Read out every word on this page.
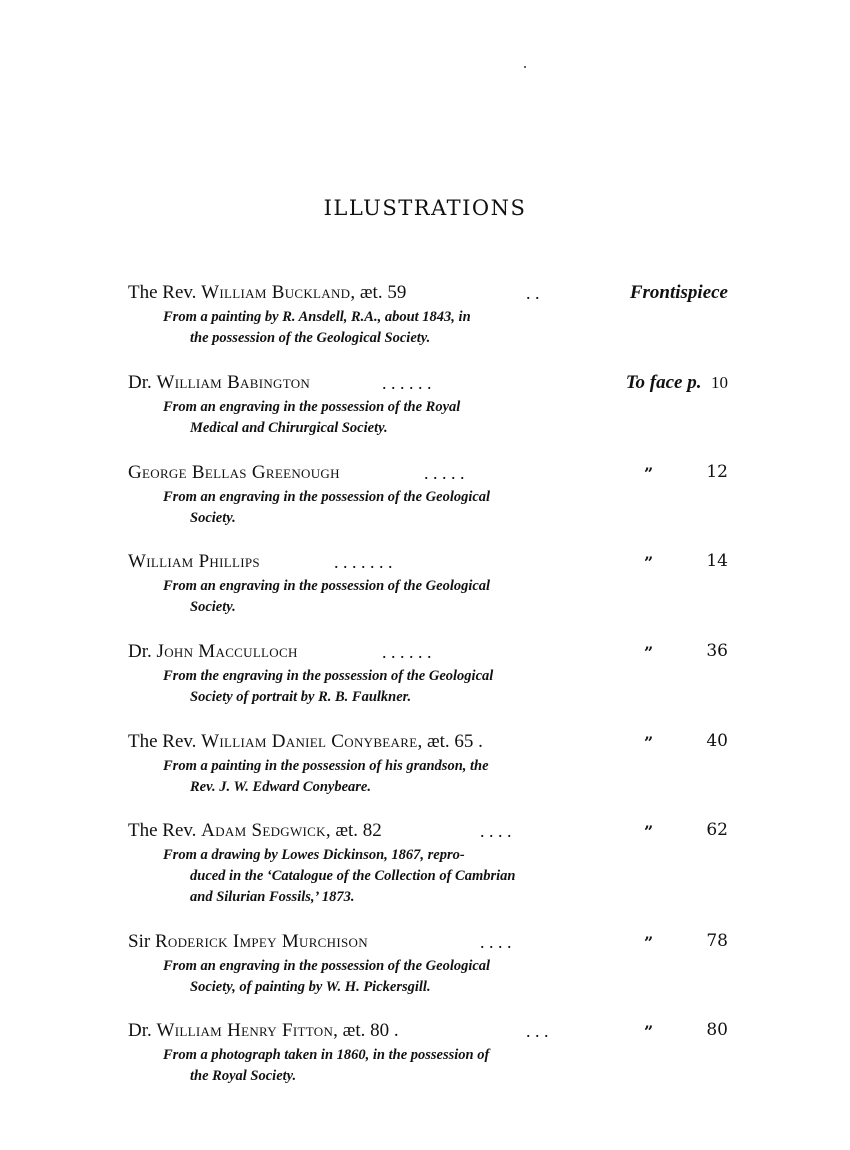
ILLUSTRATIONS
The Rev. William Buckland, æt. 59	. .	Frontispiece
From a painting by R. Ansdell, R.A., about 1843, in
the possession of the Geological Society.
Dr. William Babington	. . . . . .	To face p. 10
From an engraving in the possession of the Royal
Medical and Chirurgical Society.
George Bellas Greenough	. . . . .	”	12
From an engraving in the possession of the Geological
Society.
William Phillips	. . . . . . .	”	14
From an engraving in the possession of the Geological
Society.
Dr. John Macculloch	. . . . . .	”	36
From the engraving in the possession of the Geological
Society of portrait by R. B. Faulkner.
The Rev. William Daniel Conybeare, æt. 65 .	”	40
From a painting in the possession of his grandson, the
Rev. J. W. Edward Conybeare.
The Rev. Adam Sedgwick, æt. 82	. . . .	”	62
From a drawing by Lowes Dickinson, 1867, repro-
duced in the ‘Catalogue of the Collection of Cambrian
and Silurian Fossils,’ 1873.
Sir Roderick Impey Murchison	. . . .	”	78
From an engraving in the possession of the Geological
Society, of painting by W. H. Pickersgill.
Dr. William Henry Fitton, æt. 80 .	. . .	”	80
From a photograph taken in 1860, in the possession of
the Royal Society.
